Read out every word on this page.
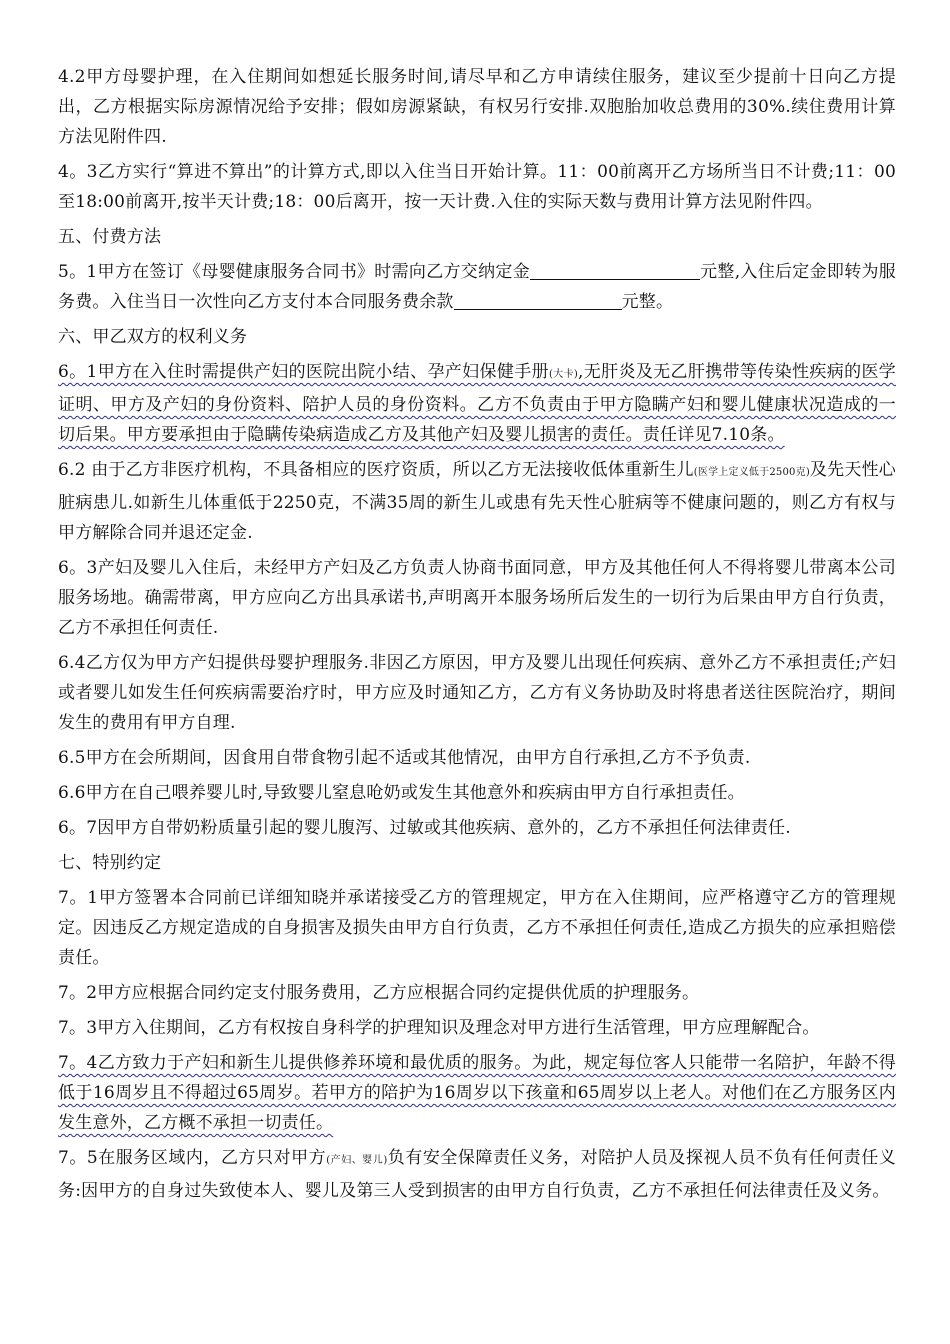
4.2甲方母婴护理，在入住期间如想延长服务时间,请尽早和乙方申请续住服务，建议至少提前十日向乙方提出，乙方根据实际房源情况给予安排；假如房源紧缺，有权另行安排.双胞胎加收总费用的30%.续住费用计算方法见附件四.

4。3乙方实行“算进不算出”的计算方式,即以入住当日开始计算。11：00前离开乙方场所当日不计费;11：00至18:00前离开,按半天计费;18：00后离开，按一天计费.入住的实际天数与费用计算方法见附件四。

五、付费方法

5。1甲方在签订《母婴健康服务合同书》时需向乙方交纳定金	元整,入住后定金即转为服务费。入住当日一次性向乙方支付本合同服务费余款	元整。

六、甲乙双方的权利义务

6。1甲方在入住时需提供产妇的医院出院小结、孕产妇保健手册(大卡),无肝炎及无乙肝携带等传染性疾病的医学证明、甲方及产妇的身份资料、陪护人员的身份资料。乙方不负责由于甲方隐瞒产妇和婴儿健康状况造成的一切后果。甲方要承担由于隐瞒传染病造成乙方及其他产妇及婴儿损害的责任。责任详见7.10条。

6.2 由于乙方非医疗机构，不具备相应的医疗资质，所以乙方无法接收低体重新生儿(医学上定义低于2500克)及先天性心脏病患儿.如新生儿体重低于2250克，不满35周的新生儿或患有先天性心脏病等不健康问题的，则乙方有权与甲方解除合同并退还定金.

6。3产妇及婴儿入住后，未经甲方产妇及乙方负责人协商书面同意，甲方及其他任何人不得将婴儿带离本公司服务场地。确需带离，甲方应向乙方出具承诺书,声明离开本服务场所后发生的一切行为后果由甲方自行负责，乙方不承担任何责任.

6.4乙方仅为甲方产妇提供母婴护理服务.非因乙方原因，甲方及婴儿出现任何疾病、意外乙方不承担责任;产妇或者婴儿如发生任何疾病需要治疗时，甲方应及时通知乙方，乙方有义务协助及时将患者送往医院治疗，期间发生的费用有甲方自理.

6.5甲方在会所期间，因食用自带食物引起不适或其他情况，由甲方自行承担,乙方不予负责.

6.6甲方在自己喂养婴儿时,导致婴儿窒息呛奶或发生其他意外和疾病由甲方自行承担责任。

6。7因甲方自带奶粉质量引起的婴儿腹泻、过敏或其他疾病、意外的，乙方不承担任何法律责任.

七、特别约定

7。1甲方签署本合同前已详细知晓并承诺接受乙方的管理规定，甲方在入住期间，应严格遵守乙方的管理规定。因违反乙方规定造成的自身损害及损失由甲方自行负责，乙方不承担任何责任,造成乙方损失的应承担赔偿责任。

7。2甲方应根据合同约定支付服务费用，乙方应根据合同约定提供优质的护理服务。

7。3甲方入住期间，乙方有权按自身科学的护理知识及理念对甲方进行生活管理，甲方应理解配合。

7。4乙方致力于产妇和新生儿提供修养环境和最优质的服务。为此，规定每位客人只能带一名陪护，年龄不得低于16周岁且不得超过65周岁。若甲方的陪护为16周岁以下孩童和65周岁以上老人。对他们在乙方服务区内发生意外，乙方概不承担一切责任。

7。5在服务区域内，乙方只对甲方(产妇、婴儿)负有安全保障责任义务，对陪护人员及探视人员不负有任何责任义务:因甲方的自身过失致使本人、婴儿及第三人受到损害的由甲方自行负责，乙方不承担任何法律责任及义务。
